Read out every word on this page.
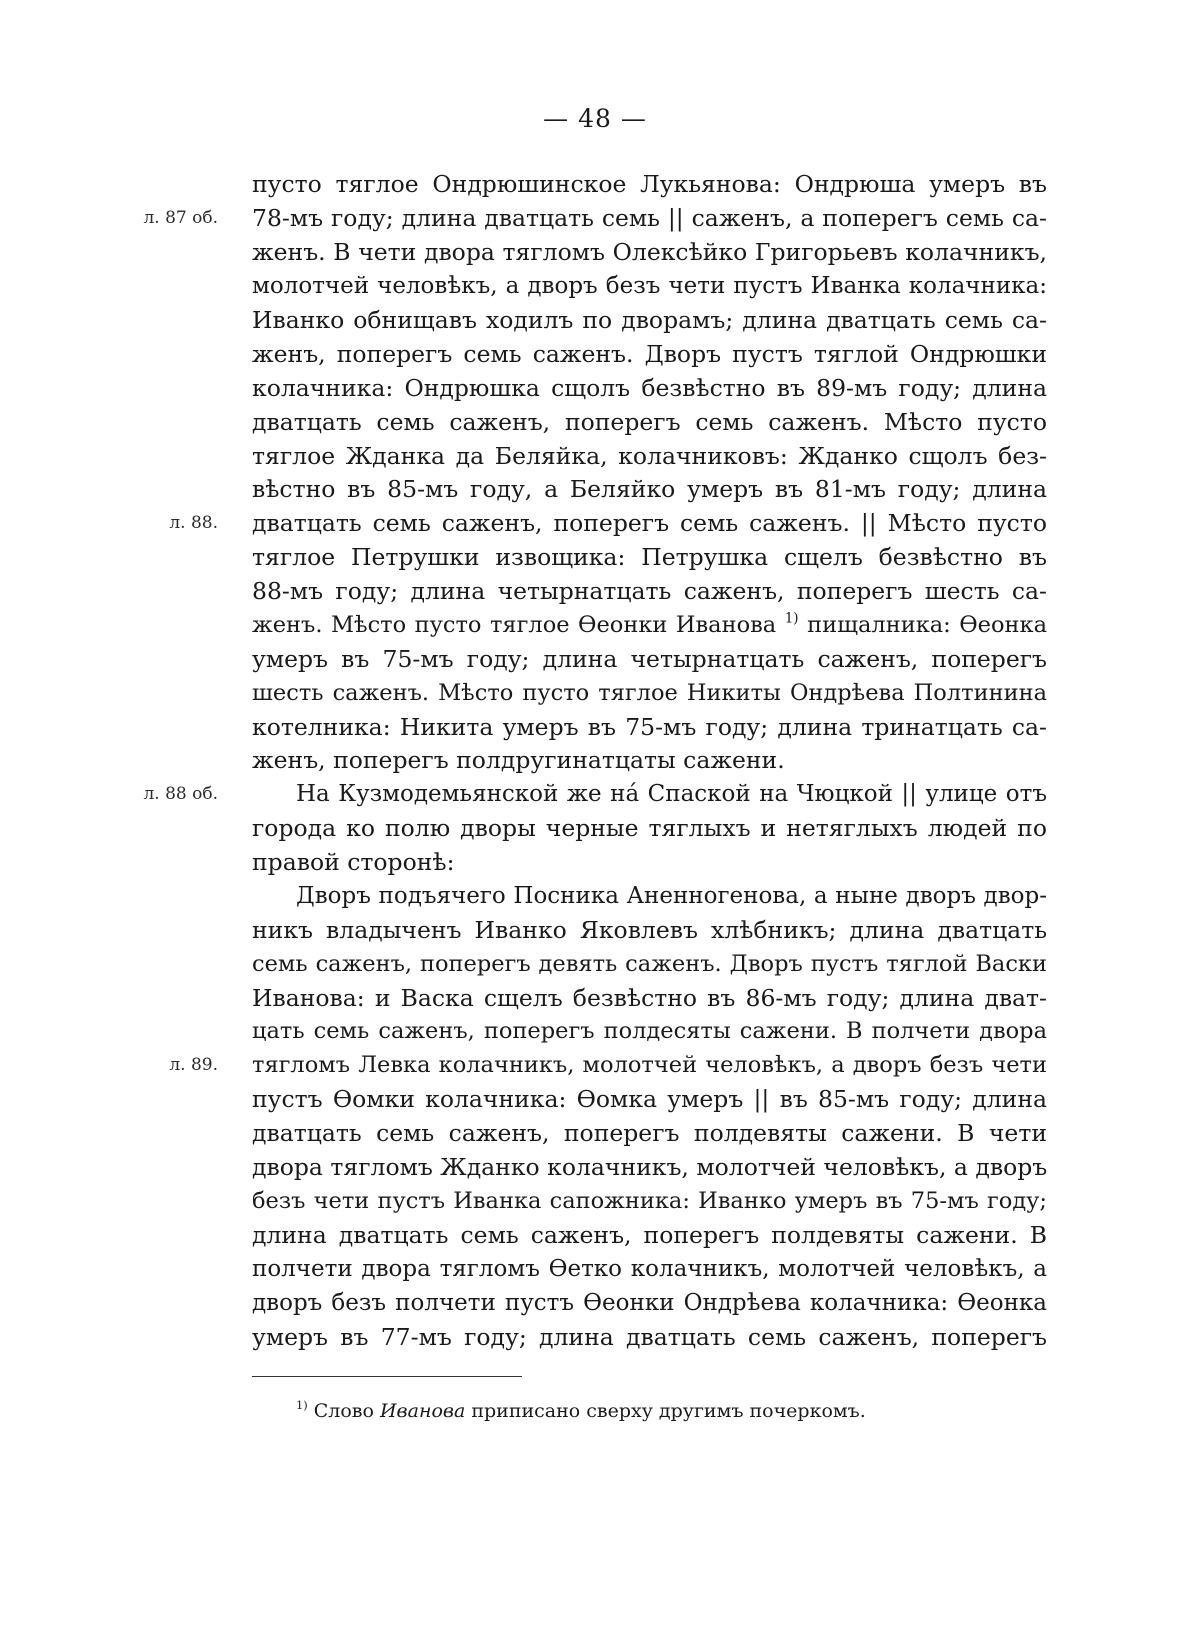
— 48 —
л. 87 об.
л. 88.
л. 88 об.
л. 89.
пусто тяглое Ондрюшинское Лукьянова: Ондрюша умеръ въ
78-мъ году; длина дватцать семь || саженъ, а поперегъ семь са-
женъ. В чети двора тягломъ Олексѣйко Григорьевъ колачникъ,
молотчей человѣкъ, а дворъ безъ чети пустъ Иванка колачника:
Иванко обнищавъ ходилъ по дворамъ; длина дватцать семь са-
женъ, поперегъ семь саженъ. Дворъ пустъ тяглой Ондрюшки
колачника: Ондрюшка сщолъ безвѣстно въ 89-мъ году; длина
дватцать семь саженъ, поперегъ семь саженъ. Мѣсто пусто
тяглое Жданка да Беляйка, колачниковъ: Жданко сщолъ без-
вѣстно въ 85-мъ году, а Беляйко умеръ въ 81-мъ году; длина
дватцать семь саженъ, поперегъ семь саженъ. || Мѣсто пусто
тяглое Петрушки извощика: Петрушка сщелъ безвѣстно въ
88-мъ году; длина четырнатцать саженъ, поперегъ шесть са-
женъ. Мѣсто пусто тяглое Ѳеонки Иванова $^{1)}$ пищалника: Ѳеонка
умеръ въ 75-мъ году; длина четырнатцать саженъ, поперегъ
шесть саженъ. Мѣсто пусто тяглое Никиты Ондрѣева Полтинина
котелника: Никита умеръ въ 75-мъ году; длина тринатцать са-
женъ, поперегъ полдругинатцаты сажени.
На Кузмодемьянской же на́ Спаской на Чюцкой || улице отъ
города ко полю дворы черные тяглыхъ и нетяглыхъ людей по
правой сторонѣ:
Дворъ подъячего Посника Аненногенова, а ныне дворъ двор-
никъ владыченъ Иванко Яковлевъ хлѣбникъ; длина дватцать
семь саженъ, поперегъ девять саженъ. Дворъ пустъ тяглой Васки
Иванова: и Васка сщелъ безвѣстно въ 86-мъ году; длина дват-
цать семь саженъ, поперегъ полдесяты сажени. В полчети двора
тягломъ Левка колачникъ, молотчей человѣкъ, а дворъ безъ чети
пустъ Ѳомки колачника: Ѳомка умеръ || въ 85-мъ году; длина
дватцать семь саженъ, поперегъ полдевяты сажени. В чети
двора тягломъ Жданко колачникъ, молотчей человѣкъ, а дворъ
безъ чети пустъ Иванка сапожника: Иванко умеръ въ 75-мъ году;
длина дватцать семь саженъ, поперегъ полдевяты сажени. В
полчети двора тягломъ Ѳетко колачникъ, молотчей человѣкъ, а
дворъ безъ полчети пустъ Ѳеонки Ондрѣева колачника: Ѳеонка
умеръ въ 77-мъ году; длина дватцать семь саженъ, поперегъ
$^{1)}$ Слово Иванова приписано сверху другимъ почеркомъ.
